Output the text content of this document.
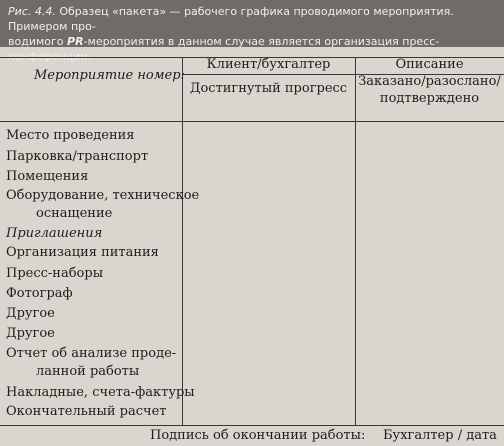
Рис. 4.4. Образец «пакета» — рабочего графика проводимого мероприятия. Примером про-
водимого PR-мероприятия в данном случае является организация пресс-конференции.
Мероприятие номер:
Клиент/бухгалтер
Достигнутый прогресс
Описание
Заказано/разослано/
подтверждено
Место проведения
Парковка/транспорт
Помещения
Оборудование, техническое
оснащение
Приглашения
Организация питания
Пресс-наборы
Фотограф
Другое
Другое
Отчет об анализе проде-
ланной работы
Накладные, счета-фактуры
Окончательный расчет
Подпись об окончании работы: Бухгалтер / дата
